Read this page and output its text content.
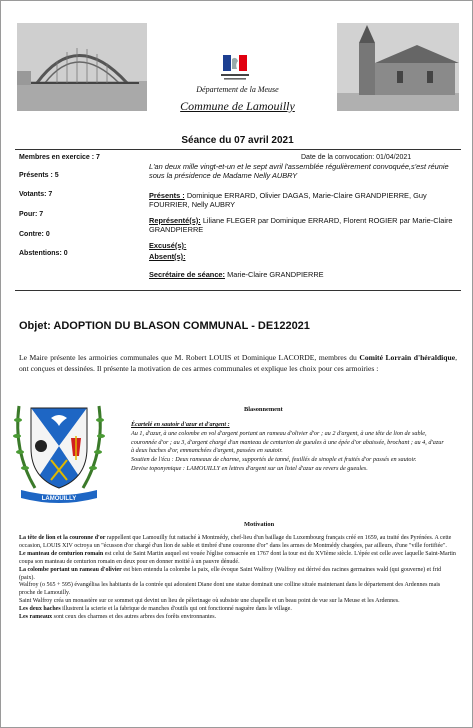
Département de la Meuse
Commune de Lamouilly
Séance du 07 avril 2021
Membres en exercice : 7
Présents : 5
Votants: 7
Pour: 7
Contre: 0
Abstentions: 0
Date de la convocation: 01/04/2021
L'an deux mille vingt-et-un et le sept avril l'assemblée régulièrement convoquée,s'est réunie sous la présidence de Madame Nelly AUBRY
Présents : Dominique ERRARD, Olivier DAGAS, Marie-Claire GRANDPIERRE, Guy FOURRIER, Nelly AUBRY
Représenté(s): Liliane FLEGER par Dominique ERRARD, Florent ROGIER par Marie-Claire GRANDPIERRE
Excusé(s):
Absent(s):
Secrétaire de séance: Marie-Claire GRANDPIERRE
Objet: ADOPTION DU BLASON COMMUNAL - DE122021
Le Maire présente les armoiries communales que M. Robert LOUIS et Dominique LACORDE, membres du Comité Lorrain d'héraldique, ont conçues et dessinées. Il présente la motivation de ces armes communales et explique les choix pour ces armoiries :
LAMOUILLY
Blasonnement
Écartelé en sautoir d'azur et d'argent :
Au 1, d'azur, à une colombe en vol d'argent portant un rameau d'olivier d'or ; au 2 d'argent, à une tête de lion de sable, couronnée d'or ; au 3, d'argent chargé d'un manteau de centurion de gueules à une épée d'or abaissée, brochant ; au 4, d'azur à deux haches d'or, emmanchées d'argent, passées en sautoir.
Soutien de l'écu : Deux rameaux de charme, supportés de tanné, feuillés de sinople et fruités d'or passés en sautoir.
Devise toponymique : LAMOUILLY en lettres d'argent sur un listel d'azur au revers de gueules.
Motivation

La tête de lion et la couronne d'or rappellent que Lamouilly fut rattaché à Montmédy, chef-lieu d'un baillage du Luxembourg français créé en 1659, au traité des Pyrénées. A cette occasion, LOUIS XIV octroya un "écusson d'or chargé d'un lion de sable et timbré d'une couronne d'or" dans les armes de Montmédy chargées, par ailleurs, d'une "ville fortifiée".

Le manteau de centurion romain est celui de Saint Martin auquel est vouée l'église consacrée en 1767 dont la tour est du XVIème siècle. L'épée est celle avec laquelle Saint-Martin coupa son manteau de centurion romain en deux pour en donner moitié à un pauvre dénudé.

La colombe portant un rameau d'olivier est bien entendu la colombe la paix, elle évoque Saint Walfroy (Walfroy est dérivé des racines germaines wald (qui gouverne) et frid (paix).

Walfroy (o 565 + 595) évangélisa les habitants de la contrée qui adoraient Diane dont une statue dominait une colline située maintenant dans le département des Ardennes mais proche de Lamouilly.

Saint Walfroy créa un monastère sur ce sommet qui devint un lieu de pèlerinage où subsiste une chapelle et un beau point de vue sur la Meuse et les Ardennes.

Les deux haches illustrent la scierie et la fabrique de manches d'outils qui ont fonctionné naguère dans le village.

Les rameaux sont ceux des charmes et des autres arbres des forêts environnantes.
